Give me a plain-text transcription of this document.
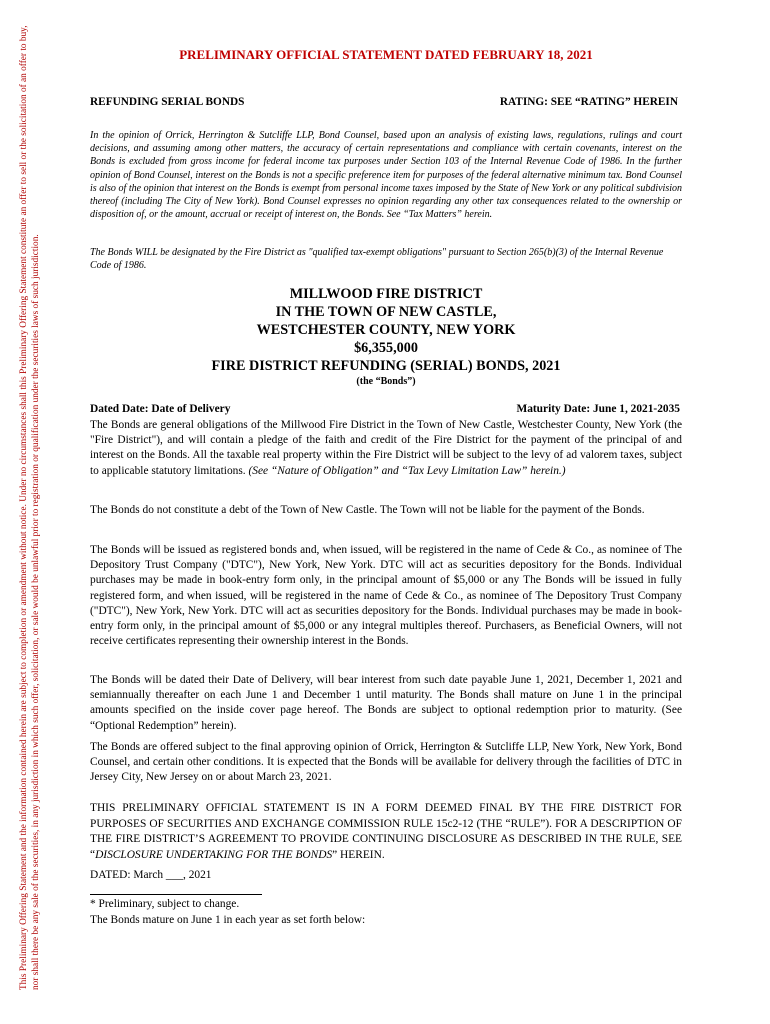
This Preliminary Offering Statement and the information contained herein are subject to completion or amendment without notice. Under no circumstances shall this Preliminary Offering Statement constitute an offer to sell or the solicitation of an offer to buy, nor shall there be any sale of the securities, in any jurisdiction in which such offer, solicitation, or sale would be unlawful prior to registration or qualification under the securities laws of such jurisdiction.
PRELIMINARY OFFICIAL STATEMENT DATED FEBRUARY 18, 2021
REFUNDING SERIAL BONDS	RATING: SEE “RATING” HEREIN
In the opinion of Orrick, Herrington & Sutcliffe LLP, Bond Counsel, based upon an analysis of existing laws, regulations, rulings and court decisions, and assuming among other matters, the accuracy of certain representations and compliance with certain covenants, interest on the Bonds is excluded from gross income for federal income tax purposes under Section 103 of the Internal Revenue Code of 1986. In the further opinion of Bond Counsel, interest on the Bonds is not a specific preference item for purposes of the federal alternative minimum tax. Bond Counsel is also of the opinion that interest on the Bonds is exempt from personal income taxes imposed by the State of New York or any political subdivision thereof (including The City of New York). Bond Counsel expresses no opinion regarding any other tax consequences related to the ownership or disposition of, or the amount, accrual or receipt of interest on, the Bonds. See “Tax Matters” herein.
The Bonds WILL be designated by the Fire District as "qualified tax-exempt obligations" pursuant to Section 265(b)(3) of the Internal Revenue Code of 1986.
MILLWOOD FIRE DISTRICT
IN THE TOWN OF NEW CASTLE,
WESTCHESTER COUNTY, NEW YORK
$6,355,000
FIRE DISTRICT REFUNDING (SERIAL) BONDS, 2021
(the “Bonds”)
Dated Date: Date of Delivery	Maturity Date: June 1, 2021-2035
The Bonds are general obligations of the Millwood Fire District in the Town of New Castle, Westchester County, New York (the "Fire District"), and will contain a pledge of the faith and credit of the Fire District for the payment of the principal of and interest on the Bonds. All the taxable real property within the Fire District will be subject to the levy of ad valorem taxes, subject to applicable statutory limitations. (See “Nature of Obligation” and “Tax Levy Limitation Law” herein.)
The Bonds do not constitute a debt of the Town of New Castle. The Town will not be liable for the payment of the Bonds.
The Bonds will be issued as registered bonds and, when issued, will be registered in the name of Cede & Co., as nominee of The Depository Trust Company ("DTC"), New York, New York. DTC will act as securities depository for the Bonds. Individual purchases may be made in book-entry form only, in the principal amount of $5,000 or any The Bonds will be issued in fully registered form, and when issued, will be registered in the name of Cede & Co., as nominee of The Depository Trust Company ("DTC"), New York, New York. DTC will act as securities depository for the Bonds. Individual purchases may be made in book-entry form only, in the principal amount of $5,000 or any integral multiples thereof. Purchasers, as Beneficial Owners, will not receive certificates representing their ownership interest in the Bonds.
The Bonds will be dated their Date of Delivery, will bear interest from such date payable June 1, 2021, December 1, 2021 and semiannually thereafter on each June 1 and December 1 until maturity. The Bonds shall mature on June 1 in the principal amounts specified on the inside cover page hereof. The Bonds are subject to optional redemption prior to maturity. (See “Optional Redemption” herein).
The Bonds are offered subject to the final approving opinion of Orrick, Herrington & Sutcliffe LLP, New York, New York, Bond Counsel, and certain other conditions. It is expected that the Bonds will be available for delivery through the facilities of DTC in Jersey City, New Jersey on or about March 23, 2021.
THIS PRELIMINARY OFFICIAL STATEMENT IS IN A FORM DEEMED FINAL BY THE FIRE DISTRICT FOR PURPOSES OF SECURITIES AND EXCHANGE COMMISSION RULE 15c2-12 (THE “RULE”). FOR A DESCRIPTION OF THE FIRE DISTRICT’S AGREEMENT TO PROVIDE CONTINUING DISCLOSURE AS DESCRIBED IN THE RULE, SEE “DISCLOSURE UNDERTAKING FOR THE BONDS” HEREIN.
DATED: March ___, 2021
* Preliminary, subject to change.
The Bonds mature on June 1 in each year as set forth below:
